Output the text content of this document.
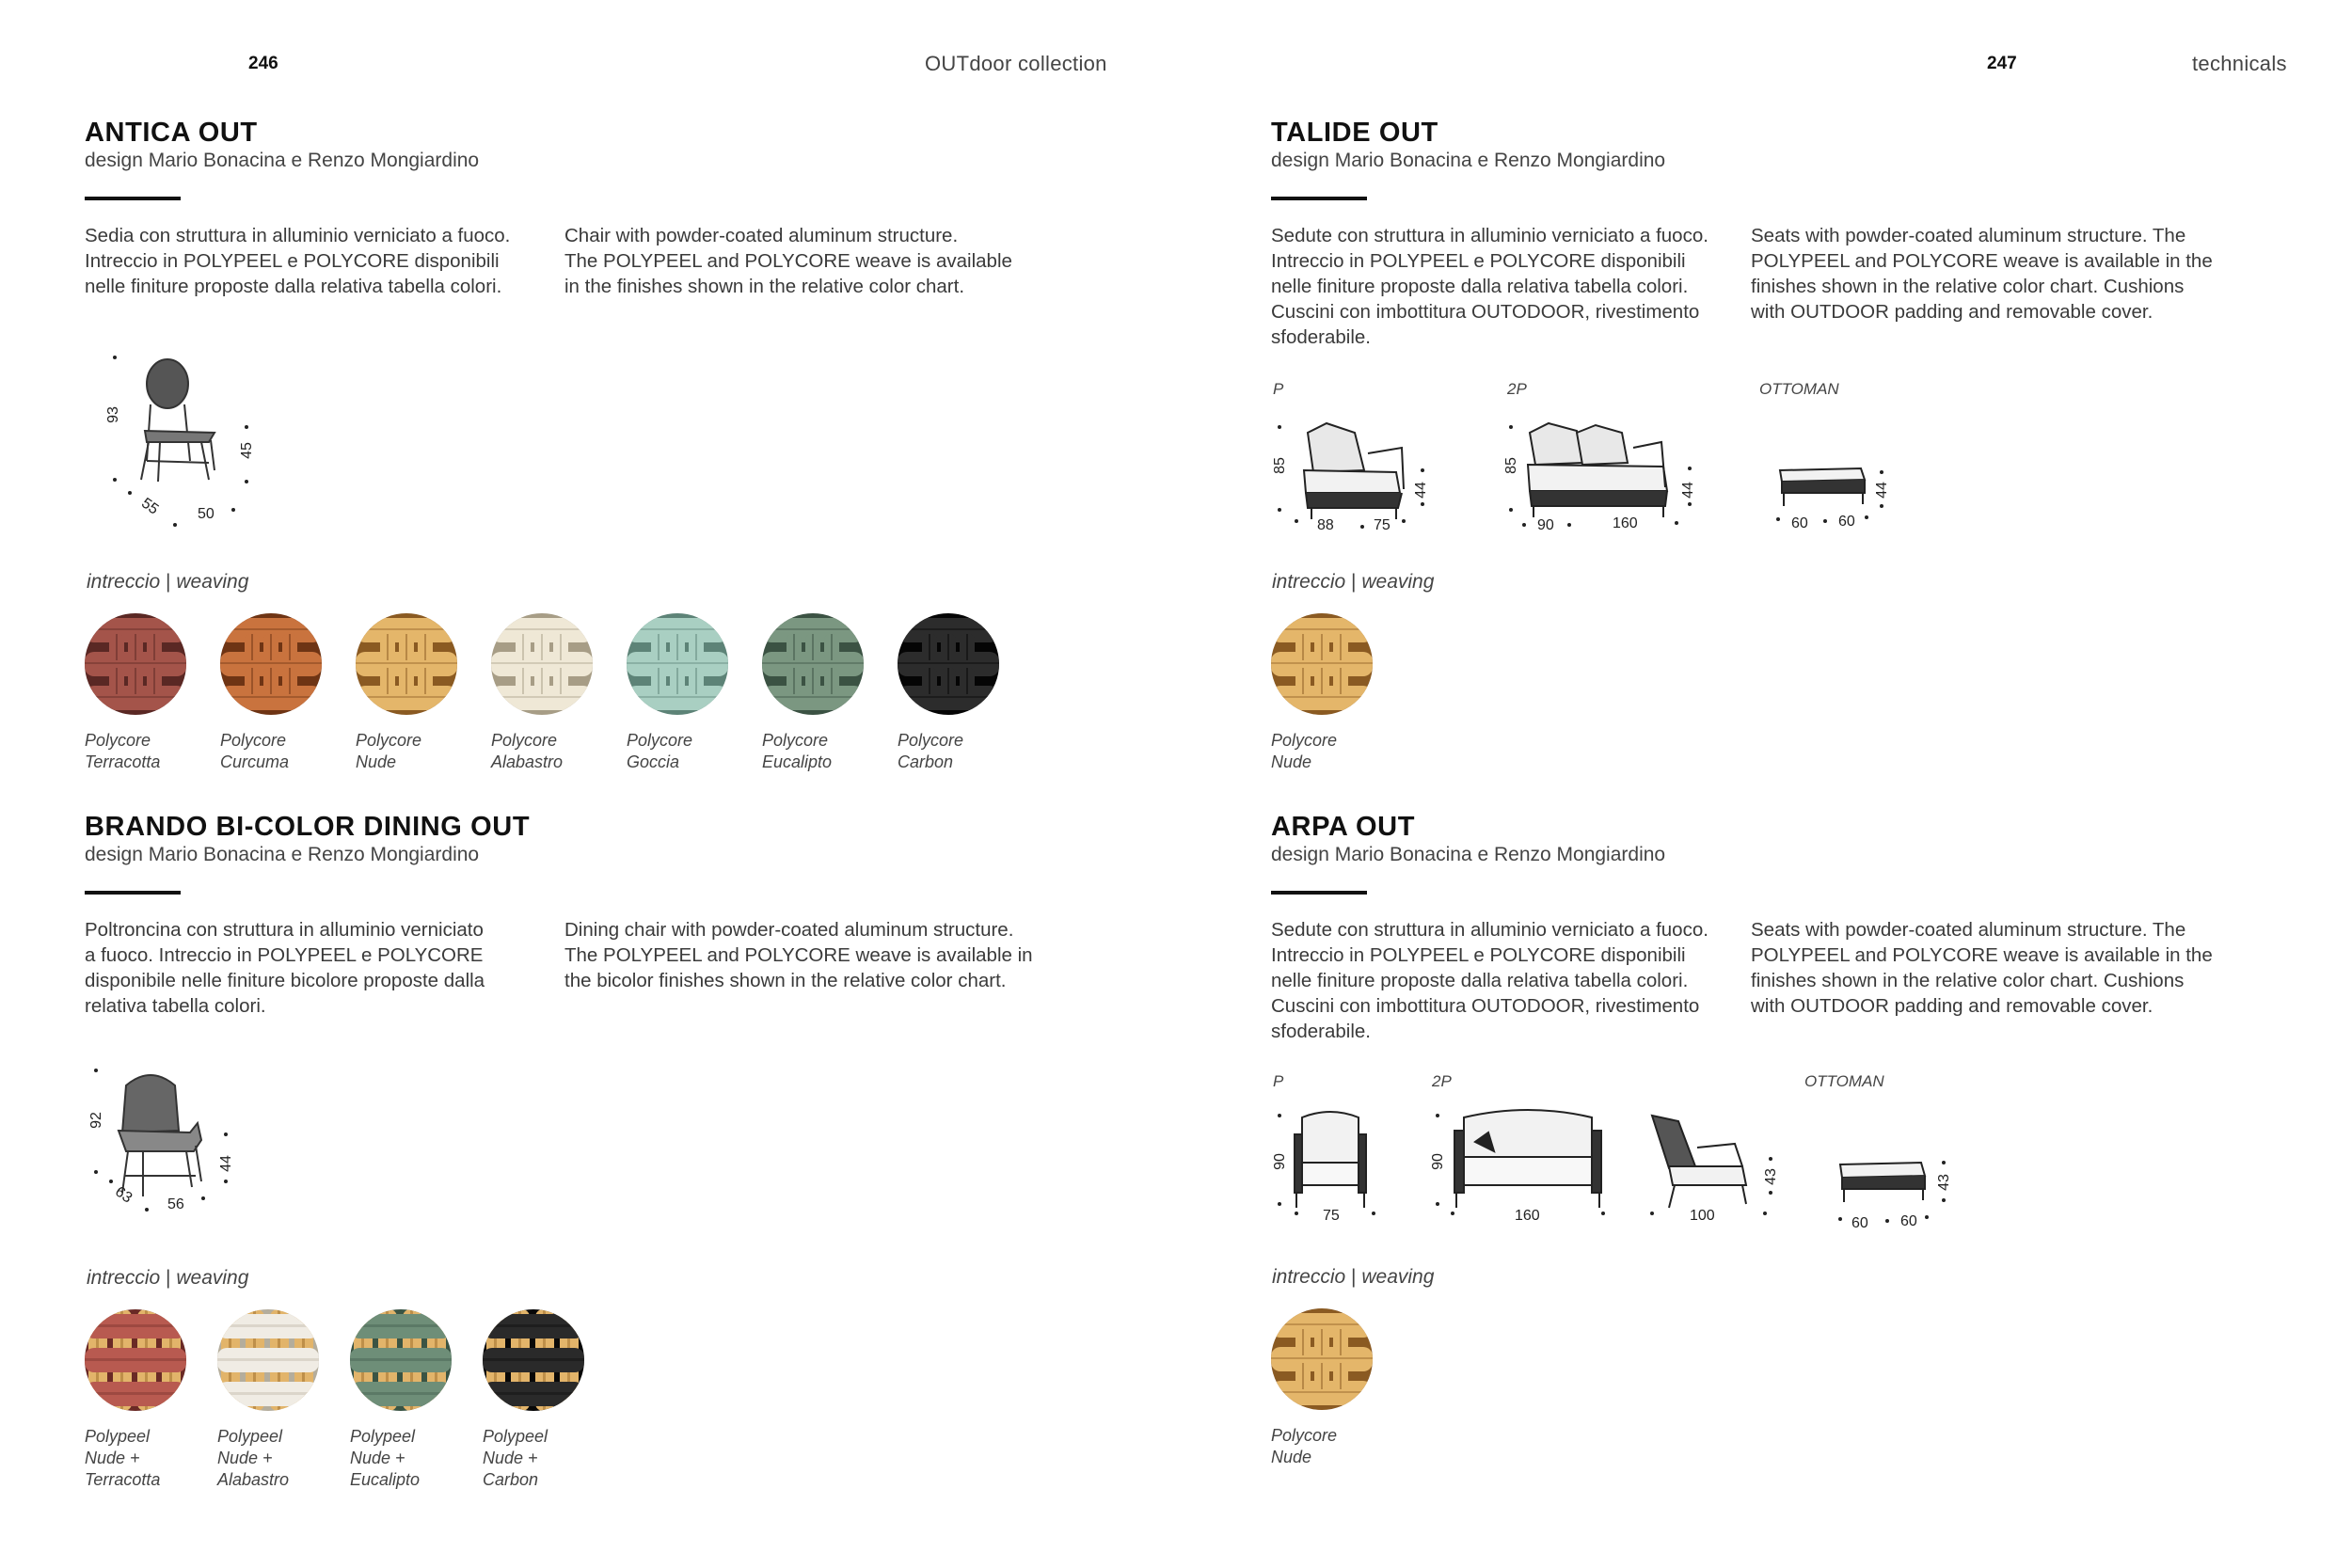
246	OUTdoor collection
ANTICA OUT
design Mario Bonacina e Renzo Mongiardino
Sedia con struttura in alluminio verniciato a fuoco.
Intreccio in POLYPEEL e POLYCORE disponibili
nelle finiture proposte dalla relativa tabella colori.
Chair with powder-coated aluminum structure.
The POLYPEEL and POLYCORE weave is available
in the finishes shown in the relative color chart.
93
45
55 50
intreccio | weaving
Polycore
Terracotta
Polycore
Curcuma
Polycore
Nude
Polycore
Alabastro
Polycore
Goccia
Polycore
Eucalipto
Polycore
Carbon
BRANDO BI-COLOR DINING OUT
design Mario Bonacina e Renzo Mongiardino
Poltroncina con struttura in alluminio verniciato
a fuoco. Intreccio in POLYPEEL e POLYCORE
disponibile nelle finiture bicolore proposte dalla
relativa tabella colori.
Dining chair with powder-coated aluminum structure.
The POLYPEEL and POLYCORE weave is available in
the bicolor finishes shown in the relative color chart.
92
44
63 56
intreccio | weaving
Polypeel
Nude +
Terracotta
Polypeel
Nude +
Alabastro
Polypeel
Nude +
Eucalipto
Polypeel
Nude +
Carbon
247	technicals
TALIDE OUT
design Mario Bonacina e Renzo Mongiardino
Sedute con struttura in alluminio verniciato a fuoco.
Intreccio in POLYPEEL e POLYCORE disponibili
nelle finiture proposte dalla relativa tabella colori.
Cuscini con imbottitura OUTODOOR, rivestimento
sfoderabile.
Seats with powder-coated aluminum structure. The
POLYPEEL and POLYCORE weave is available in the
finishes shown in the relative color chart. Cushions
with OUTDOOR padding and removable cover.
P	2P	OTTOMAN
85
44
88	75
85
44
90	160
44
60 60
intreccio | weaving
Polycore
Nude
ARPA OUT
design Mario Bonacina e Renzo Mongiardino
Sedute con struttura in alluminio verniciato a fuoco.
Intreccio in POLYPEEL e POLYCORE disponibili
nelle finiture proposte dalla relativa tabella colori.
Cuscini con imbottitura OUTODOOR, rivestimento
sfoderabile.
Seats with powder-coated aluminum structure. The
POLYPEEL and POLYCORE weave is available in the
finishes shown in the relative color chart. Cushions
with OUTDOOR padding and removable cover.
P	2P	OTTOMAN
90
75
90
160
43
100
43
60 60
intreccio | weaving
Polycore
Nude
